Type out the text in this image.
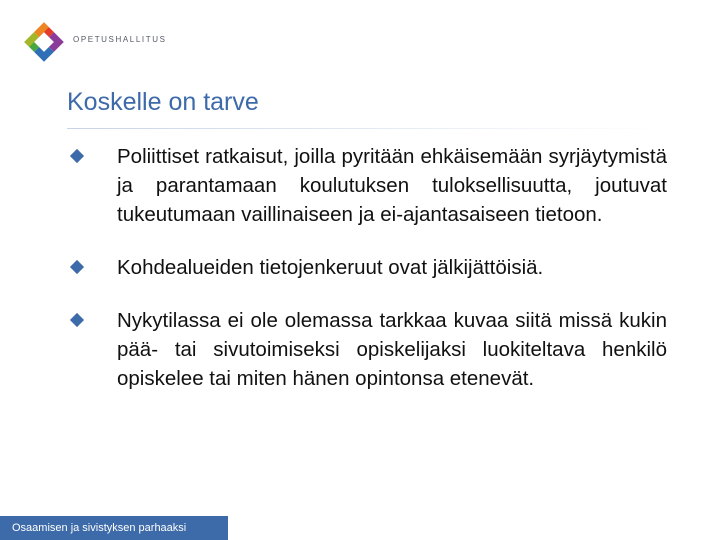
OPETUSHALLITUS
Koskelle on tarve
Poliittiset ratkaisut, joilla pyritään ehkäisemään syrjäytymistä ja parantamaan koulutuksen tuloksellisuutta, joutuvat tukeutumaan vaillinaiseen ja ei-ajantasaiseen tietoon.
Kohdealueiden tietojenkeruut ovat jälkijättöisiä.
Nykytilassa ei ole olemassa tarkkaa kuvaa siitä missä kukin pää- tai sivutoimiseksi opiskelijaksi luokiteltava henkilö opiskelee tai miten hänen opintonsa etenevät.
Osaamisen ja sivistyksen parhaaksi
